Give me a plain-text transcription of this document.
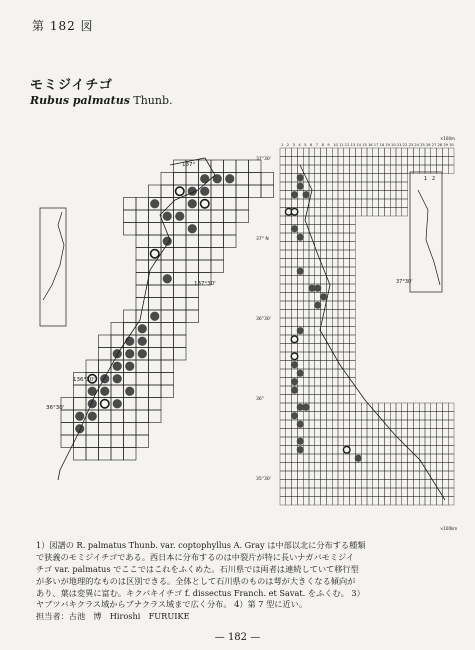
第 182 図
モミジイチゴ
Rubus palmatus Thunb.
137°
137°30'
136°30'
36°30'
1 2 3 4 5 6 7 8 9 10 11 12 13 14 15 16 17 18 19 20 21 22 23 24 25 26 27 28 29 30
37°30'
37° N
36°30'
36°
35°30'
×100m
×100km
1 2
37°30'
1）図譜の R. palmatus Thunb. var. coptophyllus A. Gray は中部以北に分布する種類
で狭義のモミジイチゴである。西日本に分布するのは中裂片が特に長いナガバモミジイ
チゴ var. palmatus でここではこれをふくめた。石川県では両者は連続していて移行型
が多いが地理的なものは区別できる。全体として石川県のものは萼が大きくなる傾向が
あり、葉は変異に富む。キクバキイチゴ f. dissectus Franch. et Savat. をふくむ。 3）
ヤブツバキクラス域からブナクラス域まで広く分布。 4）第 7 型に近い。
担当者：古池　博　Hiroshi　FURUIKE
— 182 —
